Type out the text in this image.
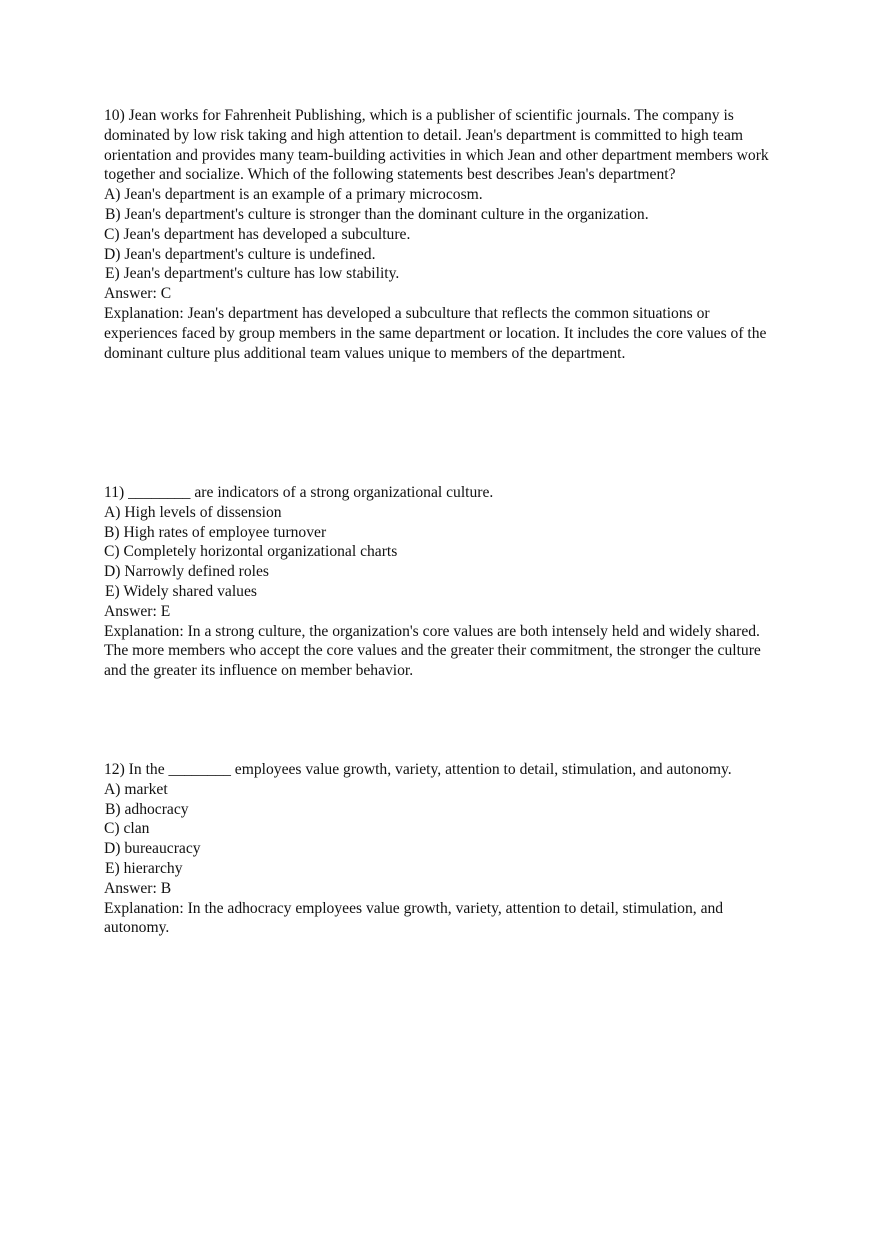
10) Jean works for Fahrenheit Publishing, which is a publisher of scientific journals. The company is dominated by low risk taking and high attention to detail. Jean's department is committed to high team orientation and provides many team-building activities in which Jean and other department members work together and socialize. Which of the following statements best describes Jean's department?

A) Jean's department is an example of a primary microcosm.

B) Jean's department's culture is stronger than the dominant culture in the organization.

C) Jean's department has developed a subculture.

D) Jean's department's culture is undefined.

E) Jean's department's culture has low stability.

Answer: C

Explanation: Jean's department has developed a subculture that reflects the common situations or experiences faced by group members in the same department or location. It includes the core values of the dominant culture plus additional team values unique to members of the department.

11) ________ are indicators of a strong organizational culture.

A) High levels of dissension

B) High rates of employee turnover

C) Completely horizontal organizational charts

D) Narrowly defined roles

E) Widely shared values

Answer: E

Explanation: In a strong culture, the organization's core values are both intensely held and widely shared. The more members who accept the core values and the greater their commitment, the stronger the culture and the greater its influence on member behavior.

12) In the ________ employees value growth, variety, attention to detail, stimulation, and autonomy.

A) market

B) adhocracy

C) clan

D) bureaucracy

E) hierarchy

Answer: B

Explanation: In the adhocracy employees value growth, variety, attention to detail, stimulation, and autonomy.
